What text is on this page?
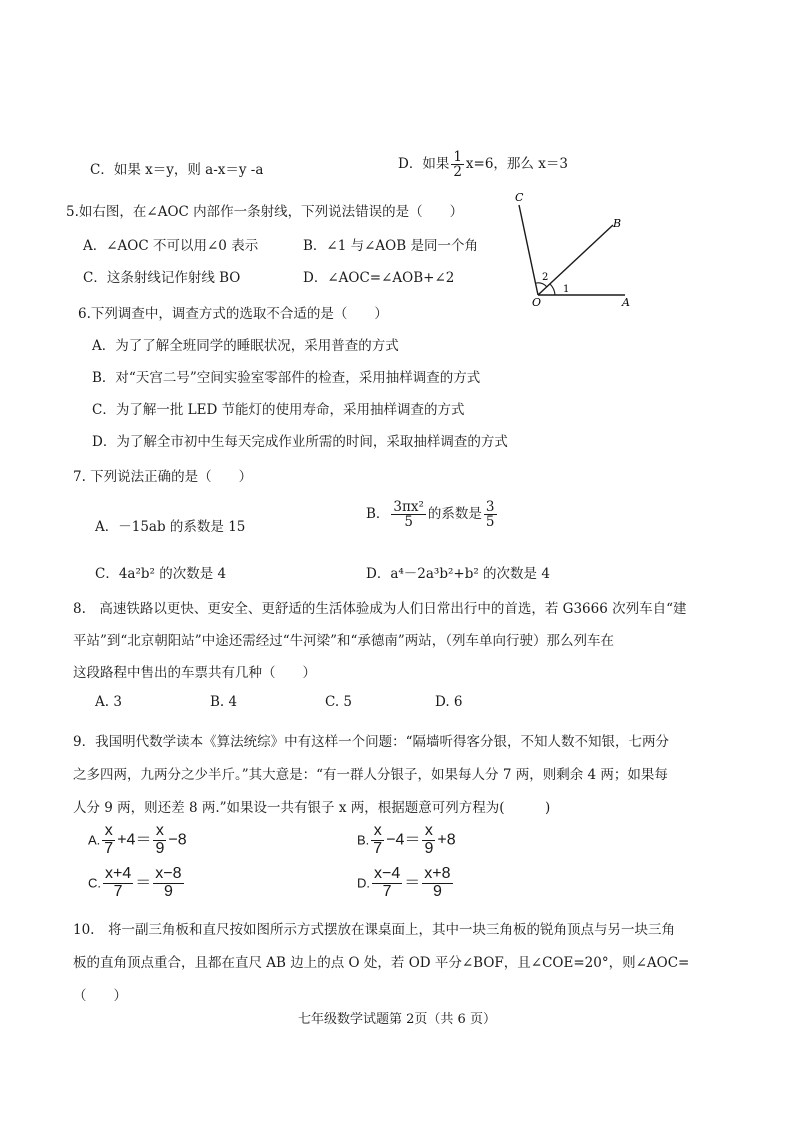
C．如果 x＝y，则 a-x＝y -a	D．如果 $\frac{1}{2} x=6$，那么 x＝3
5.如右图，在∠AOC 内部作一条射线，下列说法错误的是（　　）
A．∠AOC 不可以用∠0 表示	B．∠1 与∠AOB 是同一个角
C．这条射线记作射线 BO	D．∠AOC=∠AOB+∠2
C
B
O	A
1
2
6.下列调查中，调查方式的选取不合适的是（　　）
A．为了了解全班同学的睡眠状况，采用普查的方式
B．对“天宫二号”空间实验室零部件的检查，采用抽样调查的方式
C．为了解一批 LED 节能灯的使用寿命，采用抽样调查的方式
D．为了解全市初中生每天完成作业所需的时间，采取抽样调查的方式
7. 下列说法正确的是（　　）
A．－15ab 的系数是 15
B． $\frac{\text{3πx²}}{5}$ 的系数是 $\frac{3}{5}$
C．4a²b² 的次数是 4	D．a⁴－2a³b²+b² 的次数是 4
8.　高速铁路以更快、更安全、更舒适的生活体验成为人们日常出行中的首选，若 G3666 次列车自“建
平站”到“北京朝阳站”中途还需经过“牛河梁”和“承德南”两站，（列车单向行驶）那么列车在
这段路程中售出的车票共有几种（　　）
A. 3	B. 4	C. 5	D. 6
9．我国明代数学读本《算法统综》中有这样一个问题：“隔墙听得客分银，不知人数不知银，七两分
之多四两，九两分之少半斤。”其大意是：“有一群人分银子，如果每人分 7 两，则剩余 4 两；如果每
人分 9 两，则还差 8 两.”如果设一共有银子 x 两，根据题意可列方程为(　　　)
A. $\frac{x}{7} +4= \frac{x}{9} -8$	B. $\frac{x}{7} -4= \frac{x}{9} +8$
C. $\frac{x+4}{7} = \frac{x-8}{9}$	D. $\frac{x-4}{7} = \frac{x+8}{9}$
10.　将一副三角板和直尺按如图所示方式摆放在课桌面上，其中一块三角板的锐角顶点与另一块三角
板的直角顶点重合，且都在直尺 AB 边上的点 O 处，若 OD 平分∠BOF，且∠COE=20°，则∠AOC=
（　　）
七年级数学试题第 2页（共 6 页）
